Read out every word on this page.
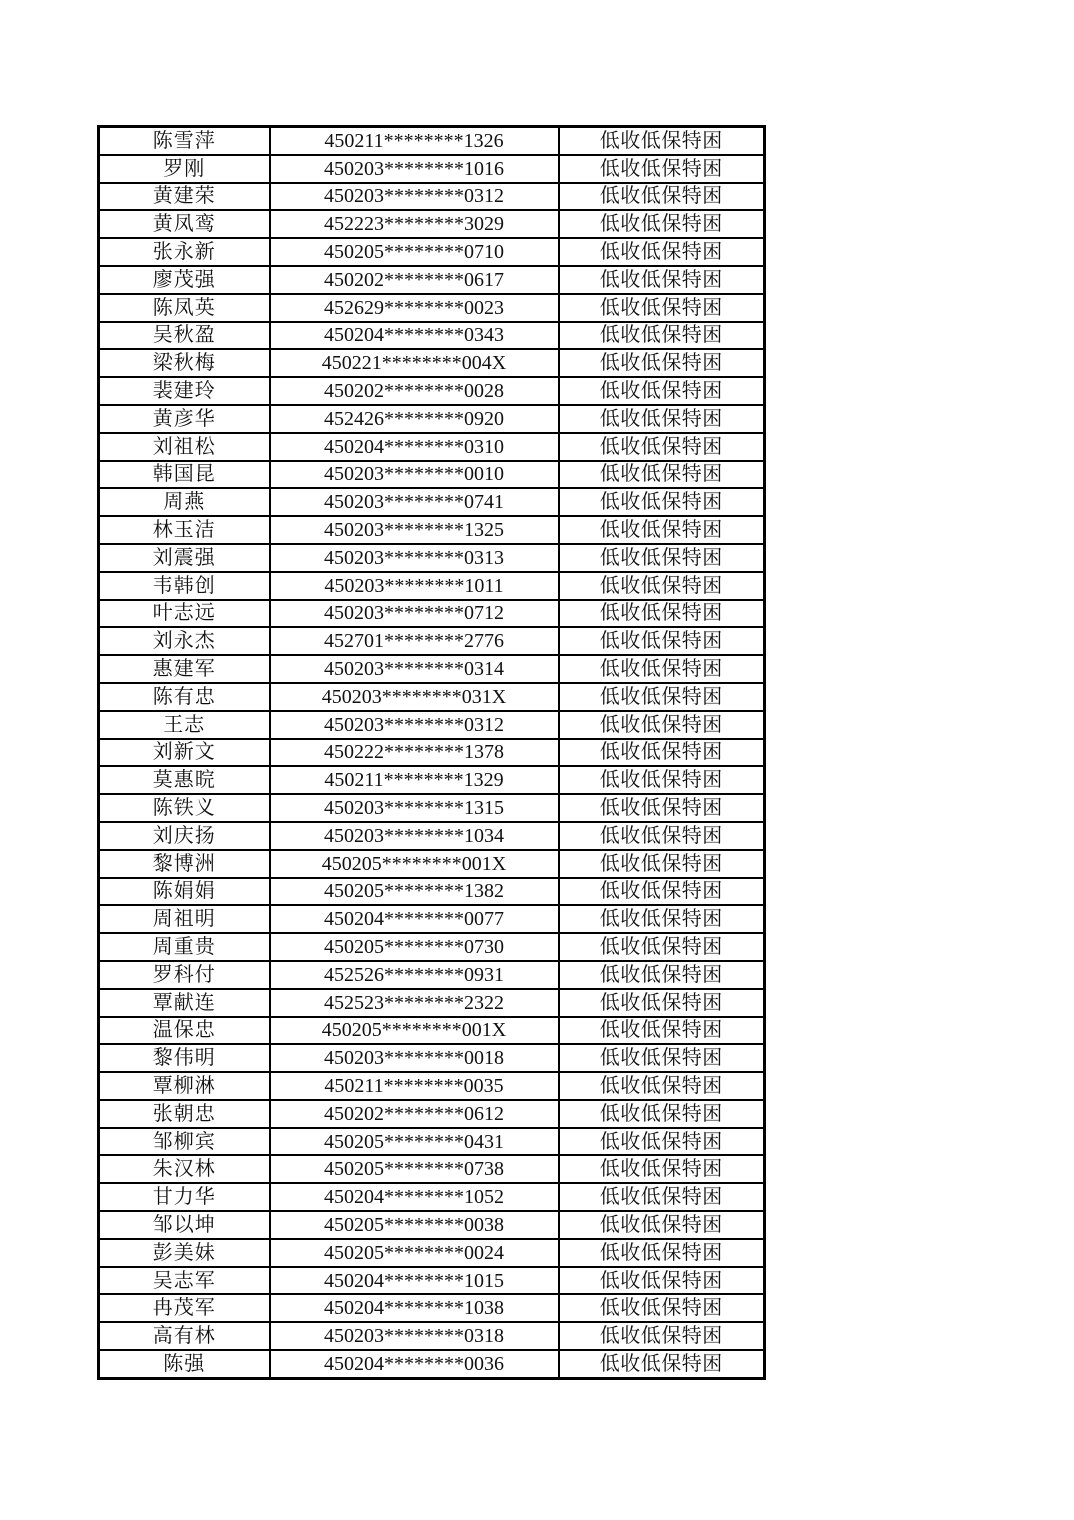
陈雪萍	450211********1326	低收低保特困
罗刚	450203********1016	低收低保特困
黄建荣	450203********0312	低收低保特困
黄凤鸾	452223********3029	低收低保特困
张永新	450205********0710	低收低保特困
廖茂强	450202********0617	低收低保特困
陈凤英	452629********0023	低收低保特困
吴秋盈	450204********0343	低收低保特困
梁秋梅	450221********004X	低收低保特困
裴建玲	450202********0028	低收低保特困
黄彦华	452426********0920	低收低保特困
刘祖松	450204********0310	低收低保特困
韩国昆	450203********0010	低收低保特困
周燕	450203********0741	低收低保特困
林玉洁	450203********1325	低收低保特困
刘震强	450203********0313	低收低保特困
韦韩创	450203********1011	低收低保特困
叶志远	450203********0712	低收低保特困
刘永杰	452701********2776	低收低保特困
惠建军	450203********0314	低收低保特困
陈有忠	450203********031X	低收低保特困
王志	450203********0312	低收低保特困
刘新文	450222********1378	低收低保特困
莫惠晥	450211********1329	低收低保特困
陈铁义	450203********1315	低收低保特困
刘庆扬	450203********1034	低收低保特困
黎博洲	450205********001X	低收低保特困
陈娟娟	450205********1382	低收低保特困
周祖明	450204********0077	低收低保特困
周重贵	450205********0730	低收低保特困
罗科付	452526********0931	低收低保特困
覃献连	452523********2322	低收低保特困
温保忠	450205********001X	低收低保特困
黎伟明	450203********0018	低收低保特困
覃柳淋	450211********0035	低收低保特困
张朝忠	450202********0612	低收低保特困
邹柳宾	450205********0431	低收低保特困
朱汉林	450205********0738	低收低保特困
甘力华	450204********1052	低收低保特困
邹以坤	450205********0038	低收低保特困
彭美妹	450205********0024	低收低保特困
吴志军	450204********1015	低收低保特困
冉茂军	450204********1038	低收低保特困
高有林	450203********0318	低收低保特困
陈强	450204********0036	低收低保特困
